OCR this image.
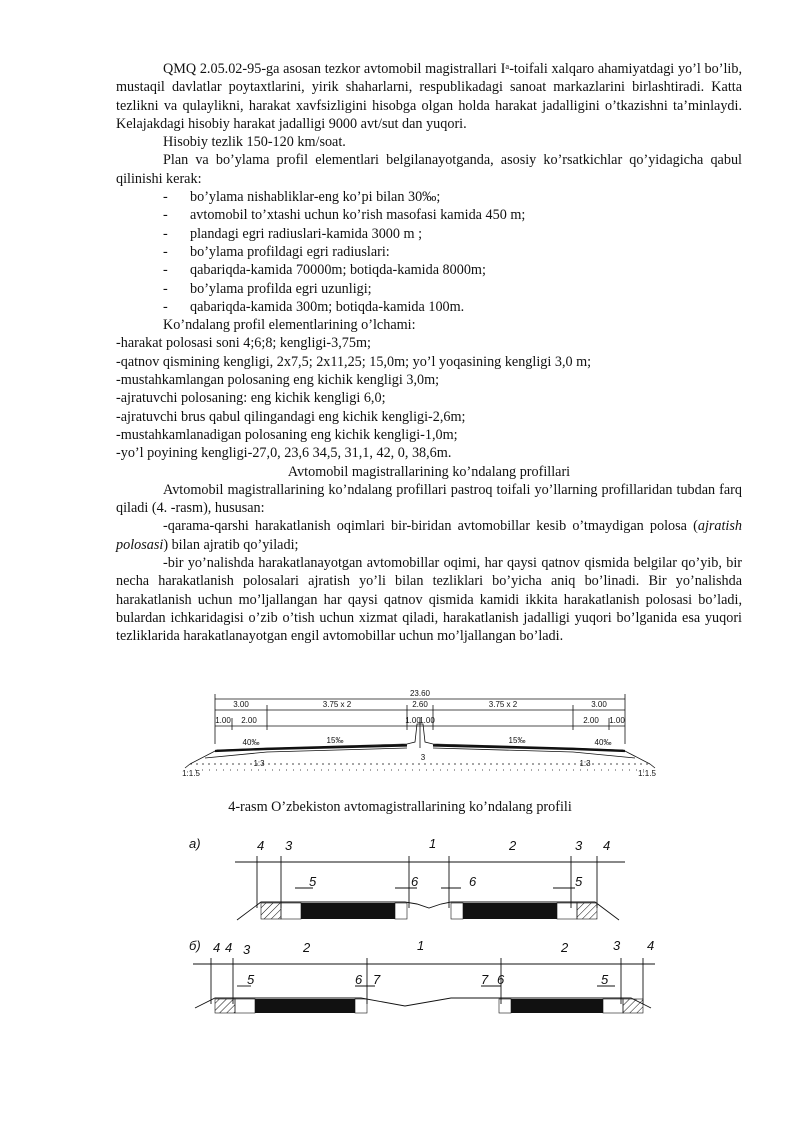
QMQ 2.05.02-95-ga asosan tezkor avtomobil magistrallari Iᵃ-toifali xalqaro ahamiyatdagi yo’l bo’lib, mustaqil davlatlar poytaxtlarini, yirik shaharlarni, respublikadagi sanoat markazlarini birlashtiradi. Katta tezlikni va qulaylikni, harakat xavfsizligini hisobga olgan holda harakat jadalligini o’tkazishni ta’minlaydi. Kelajakdagi hisobiy harakat jadalligi 9000 avt/sut dan yuqori.

Hisobiy tezlik 150-120 km/soat.

Plan va bo’ylama profil elementlari belgilanayotganda, asosiy ko’rsatkichlar qo’yidagicha qabul qilinishi kerak:

- bo’ylama nishabliklar-eng ko’pi bilan 30‰;

- avtomobil to’xtashi uchun ko’rish masofasi kamida 450 m;

- plandagi egri radiuslari-kamida 3000 m ;

- bo’ylama profildagi egri radiuslari:

- qabariqda-kamida 70000m; botiqda-kamida 8000m;

- bo’ylama profilda egri uzunligi;

- qabariqda-kamida 300m; botiqda-kamida 100m.

Ko’ndalang profil elementlarining o’lchami:

-harakat polosasi soni 4;6;8; kengligi-3,75m;

-qatnov qismining kengligi, 2x7,5; 2x11,25; 15,0m; yo’l yoqasining kengligi 3,0 m;

-mustahkamlangan polosaning eng kichik kengligi 3,0m;

-ajratuvchi polosaning: eng kichik kengligi 6,0;

-ajratuvchi brus qabul qilingandagi eng kichik kengligi-2,6m;

-mustahkamlanadigan polosaning eng kichik kengligi-1,0m;

-yo’l poyining kengligi-27,0, 23,6 34,5, 31,1, 42, 0, 38,6m.

Avtomobil magistrallarining ko’ndalang profillari

Avtomobil magistrallarining ko’ndalang profillari pastroq toifali yo’llarning profillaridan tubdan farq qiladi (4. -rasm), hususan:

-qarama-qarshi harakatlanish oqimlari bir-biridan avtomobillar kesib o’tmaydigan polosa (ajratish polosasi) bilan ajratib qo’yiladi;

-bir yo’nalishda harakatlanayotgan avtomobillar oqimi, har qaysi qatnov qismida belgilar qo’yib, bir necha harakatlanish polosalari ajratish yo’li bilan tezliklari bo’yicha aniq bo’linadi. Bir yo’nalishda harakatlanish uchun mo’ljallangan har qaysi qatnov qismida kamidi ikkita harakatlanish polosasi bo’ladi, bulardan ichkaridagisi o’zib o’tish uchun xizmat qiladi, harakatlanish jadalligi yuqori bo’lganida esa yuqori tezliklarida harakatlanayotgan engil avtomobillar uchun mo’ljallangan bo’ladi.

23.60
3.00	3.75 x 2	2.60	3.75 x 2	3.00
1.00 2.00	1.00
1.00	2.00 1.00
40‰	15‰	15‰	40‰
1:1.5
1:3	1:3
1:1.5
3
4-rasm O’zbekiston avtomagistrallarining ko’ndalang profili
a)
б)
4 3	1	2	3 4
5	6	6	5
4 4 3	2	1	2	3 4
5	6 7	7 6	5
